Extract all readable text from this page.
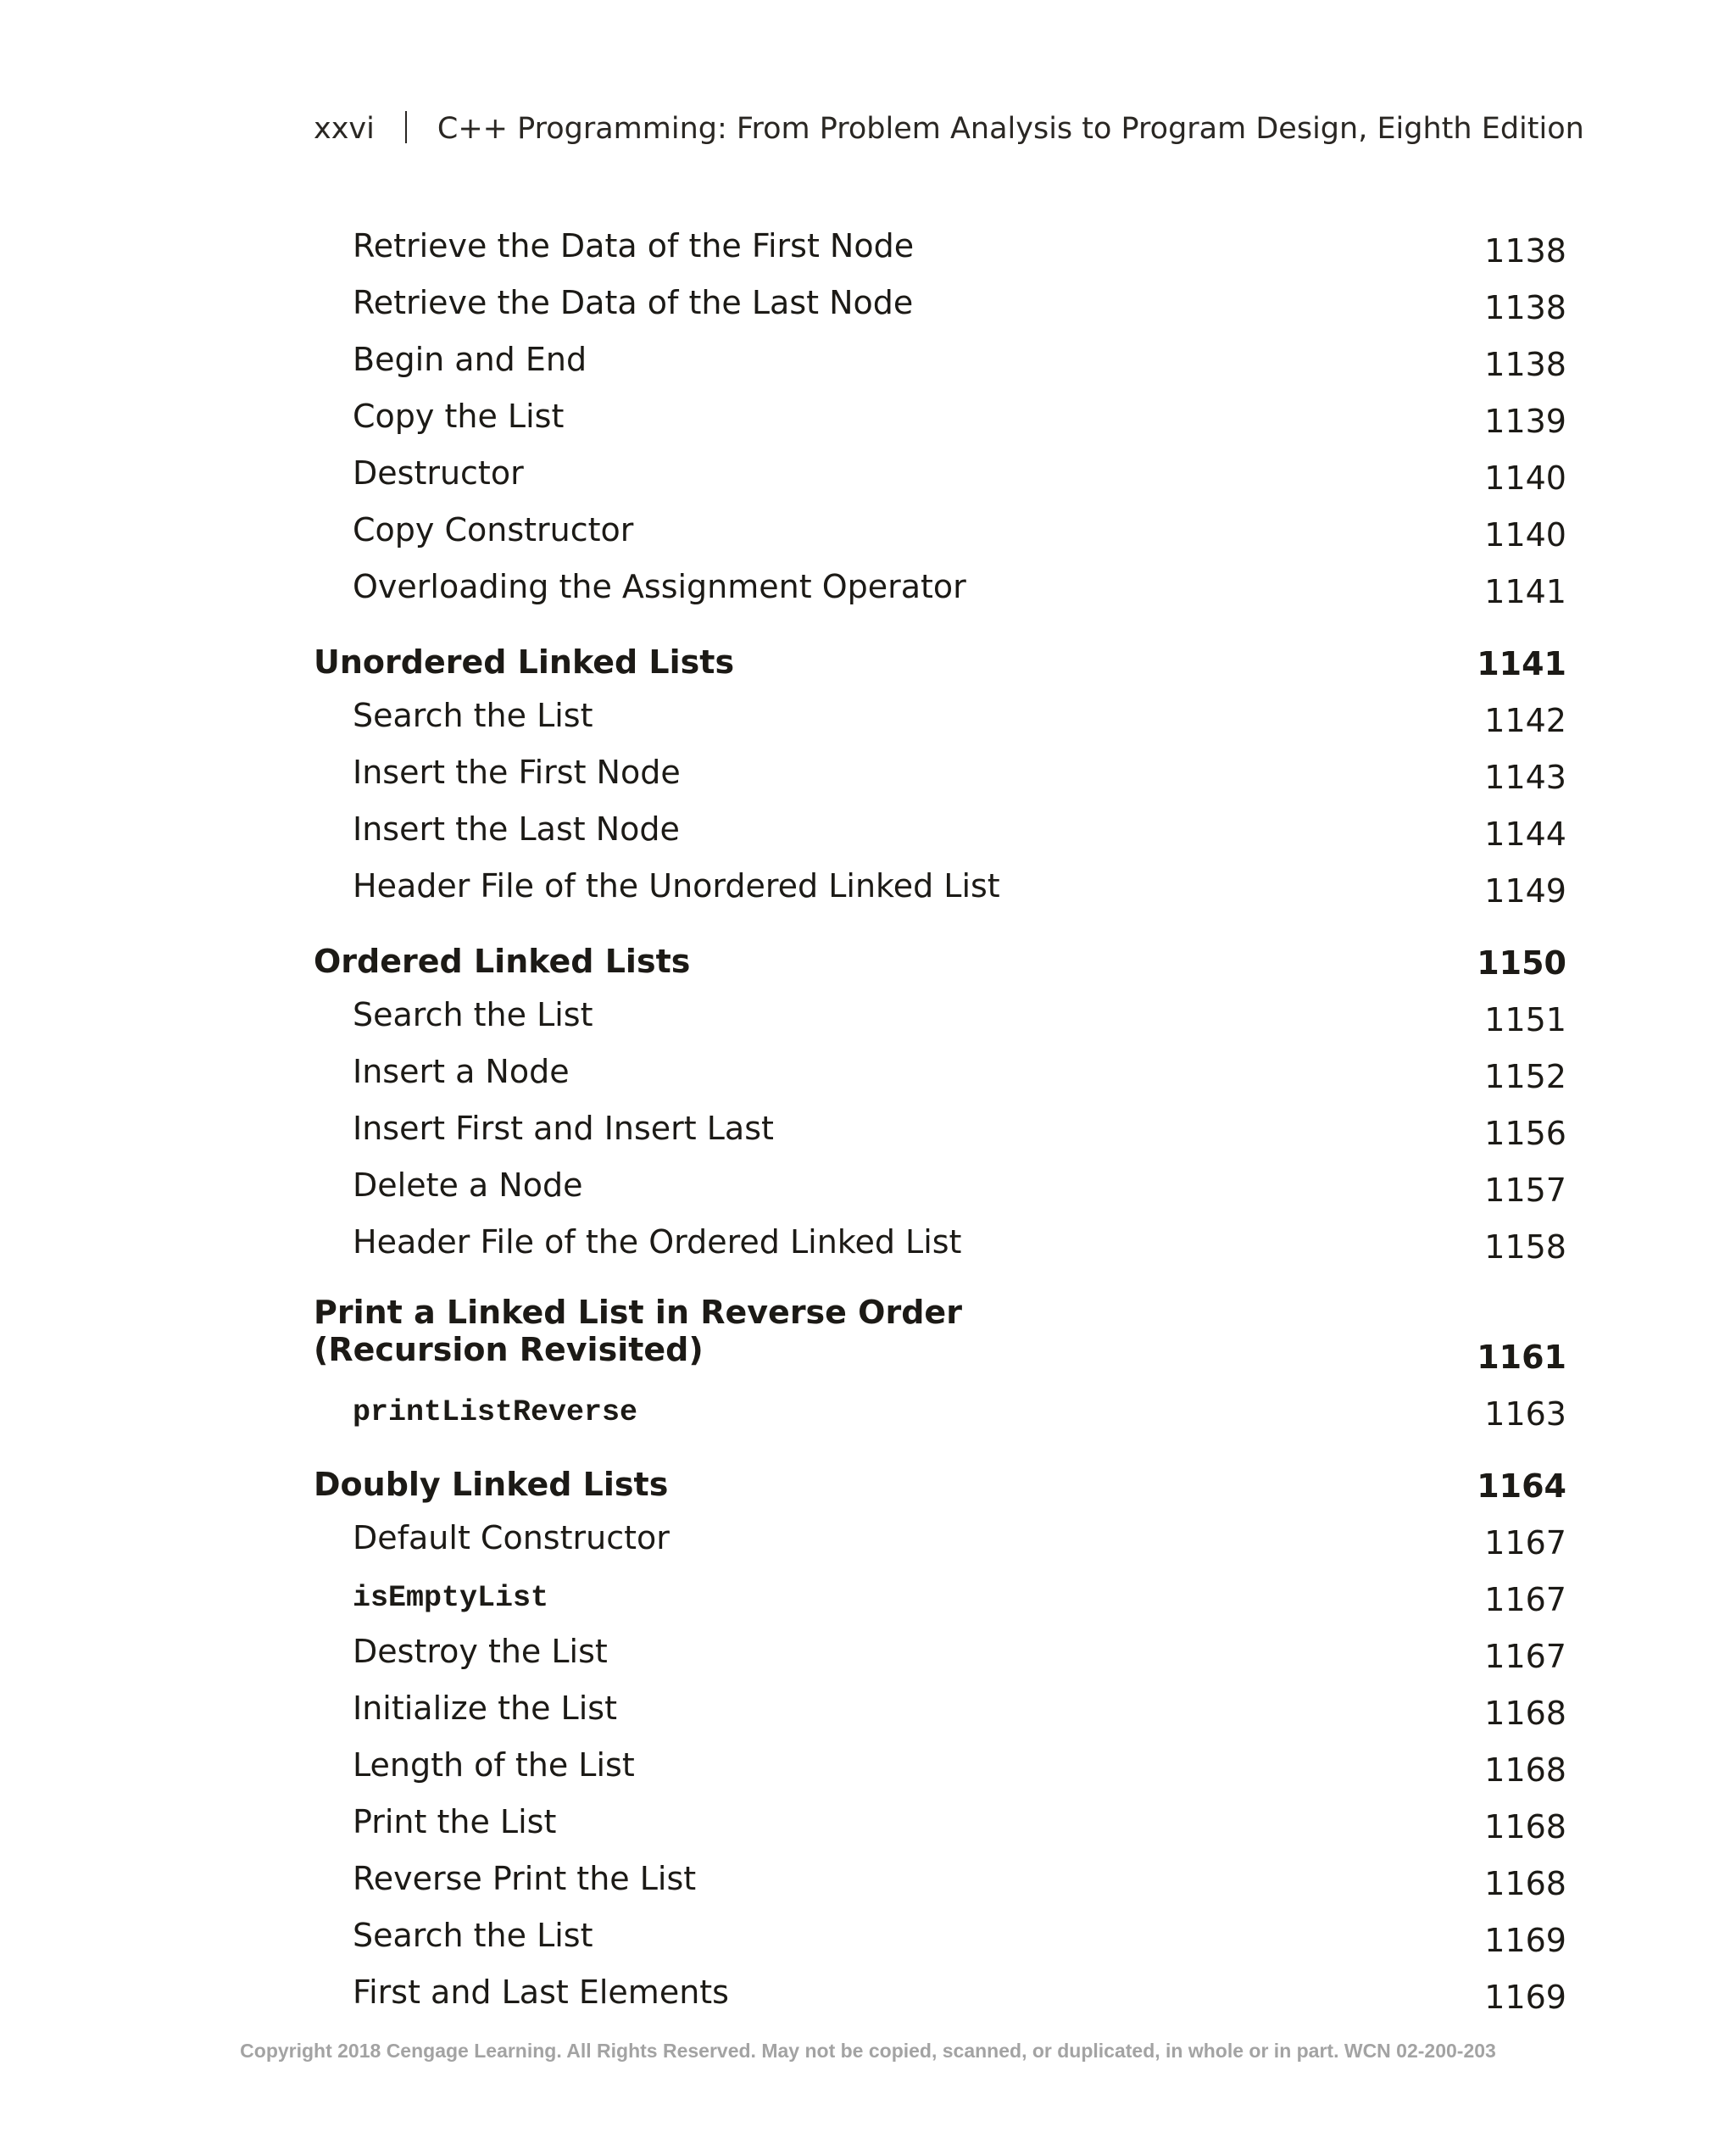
xxvi C++ Programming: From Problem Analysis to Program Design, Eighth Edition
Retrieve the Data of the First Node	1138
Retrieve the Data of the Last Node	1138
Begin and End	1138
Copy the List	1139
Destructor	1140
Copy Constructor	1140
Overloading the Assignment Operator	1141
Unordered Linked Lists	1141
Search the List	1142
Insert the First Node	1143
Insert the Last Node	1144
Header File of the Unordered Linked List	1149
Ordered Linked Lists	1150
Search the List	1151
Insert a Node	1152
Insert First and Insert Last	1156
Delete a Node	1157
Header File of the Ordered Linked List	1158
Print a Linked List in Reverse Order
(Recursion Revisited)	1161
printListReverse	1163
Doubly Linked Lists	1164
Default Constructor	1167
isEmptyList	1167
Destroy the List	1167
Initialize the List	1168
Length of the List	1168
Print the List	1168
Reverse Print the List	1168
Search the List	1169
First and Last Elements	1169
Copyright 2018 Cengage Learning. All Rights Reserved. May not be copied, scanned, or duplicated, in whole or in part. WCN 02-200-203
